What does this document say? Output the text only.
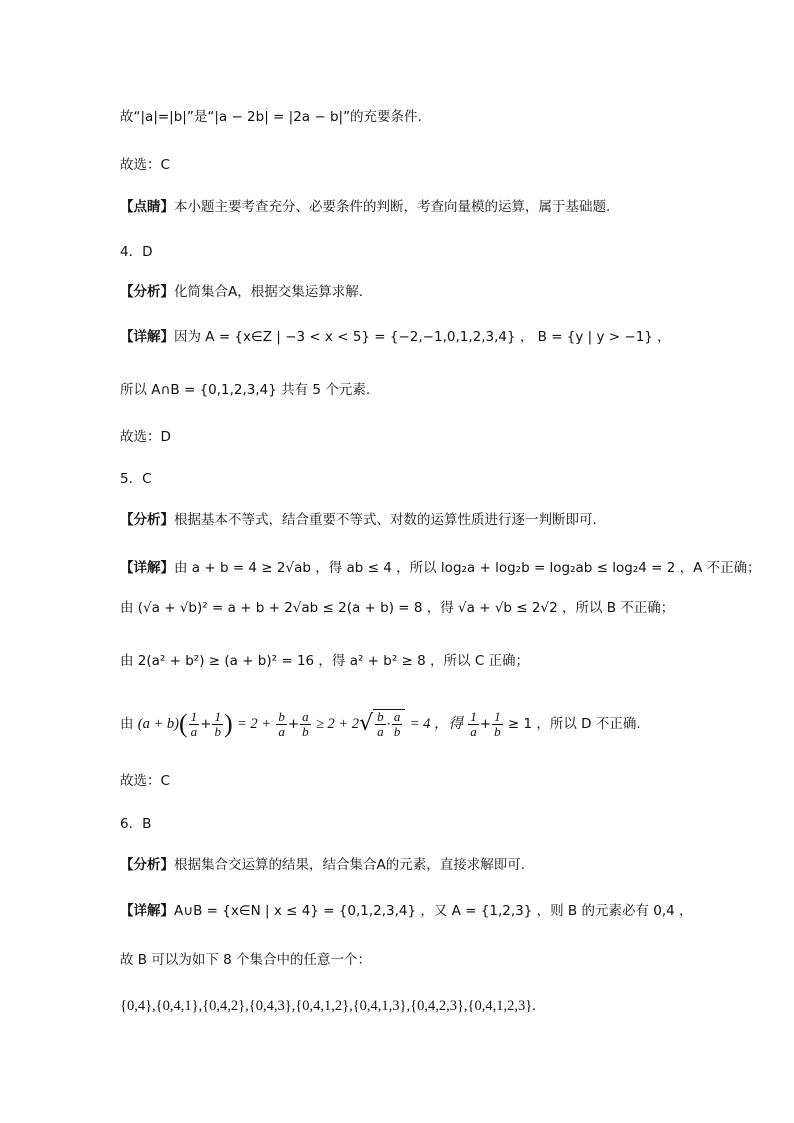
故“|a|=|b|”是“|a − 2b| = |2a − b|”的充要条件.
故选：C
【点睛】本小题主要考查充分、必要条件的判断，考查向量模的运算，属于基础题.
4．D
【分析】化简集合A，根据交集运算求解.
【详解】因为 A = {x∈Z | −3 < x < 5} = {−2,−1,0,1,2,3,4} ， B = {y | y > −1} ，
所以 A∩B = {0,1,2,3,4} 共有 5 个元素.
故选：D
5．C
【分析】根据基本不等式，结合重要不等式、对数的运算性质进行逐一判断即可.
【详解】由 a + b = 4 ≥ 2√ab ，得 ab ≤ 4 ，所以 log₂a + log₂b = log₂ab ≤ log₂4 = 2 ，A 不正确；
由 (√a + √b)² = a + b + 2√ab ≤ 2(a + b) = 8 ，得 √a + √b ≤ 2√2 ，所以 B 不正确；
由 2(a² + b²) ≥ (a + b)² = 16 ，得 a² + b² ≥ 8 ，所以 C 正确；
由 $(a + b)( \frac{1}{a} + \frac{1}{b}$ ) = $2 + \frac{b}{a} + \frac{a}{b} \ge 2 + 2√ \frac{b}{a} \cdot \frac{a}{b} = 4$ ，得 $\frac{1}{a} + \frac{1}{b} \ge 1$ ，所以 D 不正确.
故选：C
6．B
【分析】根据集合交运算的结果，结合集合A的元素，直接求解即可.
【详解】A∪B = {x∈N | x ≤ 4} = {0,1,2,3,4} ，又 A = {1,2,3} ，则 B 的元素必有 0,4 ，
故 B 可以为如下 8 个集合中的任意一个：
{0,4},{0,4,1},{0,4,2},{0,4,3},{0,4,1,2},{0,4,1,3},{0,4,2,3},{0,4,1,2,3}.
